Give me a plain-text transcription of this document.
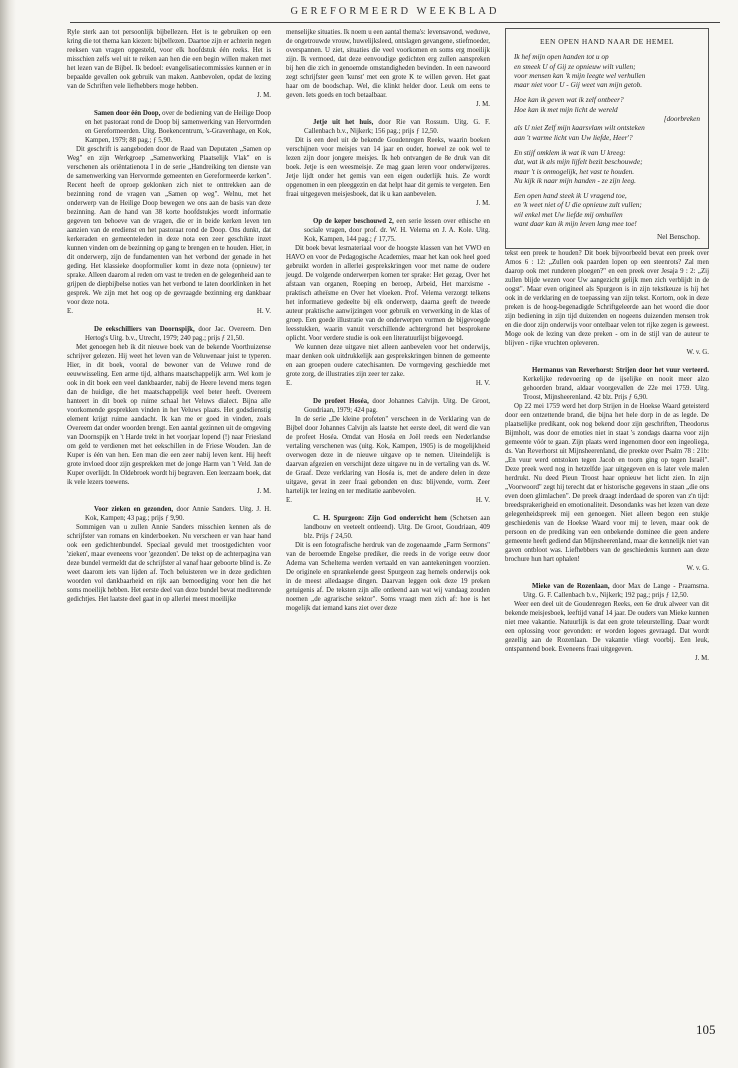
GEREFORMEERD WEEKBLAD

Ryle sterk aan tot persoonlijk bijbellezen. Het is te gebruiken op een kring die tot thema kan kiezen: bijbellezen. Daartoe zijn er achterin negen reeksen van vragen opgesteld, voor elk hoofdstuk één reeks. Het is misschien zelfs wel uit te reiken aan hen die een begin willen maken met het lezen van de Bijbel. Ik bedoel: evangelisatiecommissies kunnen er in bepaalde gevallen ook gebruik van maken. Aanbevolen, opdat de lezing van de Schriften vele liefhebbers moge hebben.

J. M.

Samen door één Doop, over de bediening van de Heilige Doop en het pastoraat rond de Doop bij samenwerking van Hervormden en Gereformeerden. Uitg. Boekencentrum, 's-Gravenhage, en Kok, Kampen, 1979; 88 pag.; ƒ 5,90.

Dit geschrift is aangeboden door de Raad van Deputaten „Samen op Weg" en zijn Werkgroep „Samenwerking Plaatselijk Vlak" en is verschenen als oriëntatienota I in de serie „Handreiking ten dienste van de samenwerking van Hervormde gemeenten en Gereformeerde kerken". Recent heeft de oproep geklonken zich niet te onttrekken aan de bezinning rond de vragen van „Samen op weg". Welnu, met het onderwerp van de Heilige Doop bewegen we ons aan de basis van deze bezinning. Aan de hand van 38 korte hoofdstukjes wordt informatie gegeven ten behoeve van de vragen, die er in beide kerken leven ten aanzien van de eredienst en het pastoraat rond de Doop. Ons dunkt, dat kerkeraden en gemeenteleden in deze nota een zeer geschikte inzet kunnen vinden om de bezinning op gang te brengen en te houden. Hier, in dit onderwerp, zijn de fundamenten van het verbond der genade in het geding. Het klassieke doopformulier komt in deze nota (opnieuw) ter sprake. Alleen daarom al reden om vast te treden en de gelegenheid aan te grijpen de diepbijbelse noties van het verbond te laten doorklinken in het gesprek. We zijn met het oog op de gevraagde bezinning erg dankbaar voor deze nota.

E.	H. V.

De eekschilliers van Doornspijk, door Jac. Overeem. Den Hertog's Uitg. b.v., Utrecht, 1979; 240 pag.; prijs ƒ 21,50.

Met genoegen heb ik dit nieuwe boek van de bekende Voorthuizense schrijver gelezen. Hij weet het leven van de Veluwenaar juist te typeren. Hier, in dit boek, vooral de bewoner van de Veluwe rond de eeuwwisseling. Een arme tijd, althans maatschappelijk arm. Wel kom je ook in dit boek een veel dankbaarder, nabij de Heere levend mens tegen dan de huidige, die het maatschappelijk veel beter heeft. Overeem hanteert in dit boek op ruime schaal het Veluws dialect. Bijna alle voorkomende gesprekken vinden in het Veluws plaats. Het godsdienstig element krijgt ruime aandacht. Ik kan me er goed in vinden, zoals Overeem dat onder woorden brengt. Een aantal gezinnen uit de omgeving van Doornspijk en 't Harde trekt in het voorjaar lopend (!) naar Friesland om geld te verdienen met het eekschillen in de Friese Wouden. Jan de Kuper is één van hen. Een man die een zeer nabij leven kent. Hij heeft grote invloed door zijn gesprekken met de jonge Harm van 't Veld. Jan de Kuper overlijdt. In Oldebroek wordt hij begraven. Een leerzaam boek, dat ik vele lezers toewens.

J. M.

Voor zieken en gezonden, door Annie Sanders. Uitg. J. H. Kok, Kampen; 43 pag.; prijs ƒ 9,90.

Sommigen van u zullen Annie Sanders misschien kennen als de schrijfster van romans en kinderboeken. Nu verscheen er van haar hand ook een gedichtenbundel. Speciaal gevuld met troostgedichten voor 'zieken', maar eveneens voor 'gezonden'. De tekst op de achterpagina van deze bundel vermeldt dat de schrijfster al vanaf haar geboorte blind is. Ze weet daarom iets van lijden af. Toch beluisteren we in deze gedichten woorden vol dankbaarheid en rijk aan bemoediging voor hen die het soms moeilijk hebben. Het eerste deel van deze bundel bevat mediterende gedichtjes. Het laatste deel gaat in op allerlei meest moeilijke

menselijke situaties. Ik noem u een aantal thema's: levensavond, weduwe, de ongetrouwde vrouw, huwelijksleed, ontslagen gevangene, stiefmoeder, overspannen. U ziet, situaties die veel voorkomen en soms erg moeilijk zijn. Ik vermoed, dat deze eenvoudige gedichten erg zullen aanspreken bij hen die zich in genoemde omstandigheden bevinden. In een nawoord zegt schrijfster geen 'kunst' met een grote K te willen geven. Het gaat haar om de boodschap. Wel, die klinkt helder door. Leuk om eens te geven. Iets goeds en toch betaalbaar.

J. M.

Jetje uit het huis, door Rie van Rossum. Uitg. G. F. Callenbach b.v., Nijkerk; 156 pag.; prijs ƒ 12,50.

Dit is een deel uit de bekende Goudenregen Reeks, waarin boeken verschijnen voor meisjes van 14 jaar en ouder, hoewel ze ook wel te lezen zijn door jongere meisjes. Ik heb ontvangen de 8e druk van dit boek. Jetje is een weesmeisje. Ze mag gaan leren voor onderwijzeres. Jetje lijdt onder het gemis van een eigen ouderlijk huis. Ze wordt opgenomen in een pleeggezin en dat helpt haar dit gemis te vergeten. Een fraai uitgegeven meisjesboek, dat ik u kan aanbevelen.

J. M.

Op de keper beschouwd 2, een serie lessen over ethische en sociale vragen, door prof. dr. W. H. Velema en J. A. Kole. Uitg. Kok, Kampen, 144 pag.; ƒ 17,75.

Dit boek bevat lesmateriaal voor de hoogste klassen van het VWO en HAVO en voor de Pedagogische Academies, maar het kan ook heel goed gebruikt worden in allerlei gesprekskringen voor met name de oudere jeugd. De volgende onderwerpen komen ter sprake: Het gezag, Over het afstaan van organen, Roeping en beroep, Arbeid, Het marxisme - praktisch atheïsme en Over het vloeken. Prof. Velema verzorgt telkens het informatieve gedeelte bij elk onderwerp, daarna geeft de tweede auteur praktische aanwijzingen voor gebruik en verwerking in de klas of groep. Een goede illustratie van de onderwerpen vormen de bijgevoegde leesstukken, waarin vanuit verschillende achtergrond het besprokene oplicht. Voor verdere studie is ook een literatuurlijst bijgevoegd.

We kunnen deze uitgave niet alleen aanbevelen voor het onderwijs, maar denken ook uitdrukkelijk aan gesprekskringen binnen de gemeente en aan groepen oudere catechisanten. De vormgeving geschiedde met grote zorg, de illustraties zijn zeer ter zake.

E.	H. V.

De profeet Hoséa, door Johannes Calvijn. Uitg. De Groot, Goudriaan, 1979; 424 pag.

In de serie „De kleine profeten" verscheen in de Verklaring van de Bijbel door Johannes Calvijn als laatste het eerste deel, dit werd die van de profeet Hoséa. Omdat van Hoséa en Joël reeds een Nederlandse vertaling verschenen was (uitg. Kok, Kampen, 1905) is de mogelijkheid overwogen deze in de nieuwe uitgave op te nemen. Uiteindelijk is daarvan afgezien en verschijnt deze uitgave nu in de vertaling van ds. W. de Graaf. Deze verklaring van Hoséa is, met de andere delen in deze uitgave, gevat in zeer fraai gebonden en dus: blijvende, vorm. Zeer hartelijk ter lezing en ter meditatie aanbevolen.

E.	H. V.

C. H. Spurgeon: Zijn God onderricht hem (Schetsen aan landbouw en veeteelt ontleend). Uitg. De Groot, Goudriaan, 409 blz. Prijs ƒ 24,50.

Dit is een fotografische herdruk van de zogenaamde „Farm Sermons" van de beroemde Engelse prediker, die reeds in de vorige eeuw door Adema van Scheltema werden vertaald en van aantekeningen voorzien. De originele en sprankelende geest Spurgeon zag hemels onderwijs ook in de meest alledaagse dingen. Daarvan leggen ook deze 19 preken getuigenis af. De teksten zijn alle ontleend aan wat wij vandaag zouden noemen „de agrarische sektor". Soms vraagt men zich af: hoe is het mogelijk dat iemand kans ziet over deze

EEN OPEN HAND NAAR DE HEMEL
Ik hef mijn open handen tot u op
en smeek U of Gij ze opnieuw wilt vullen;
voor mensen kan 'k mijn leegte wel verhullen
maar niet voor U - Gij weet van mijn getob.
Hoe kan ik geven wat ik zelf ontbeer?
Hoe kan ik met mijn licht de wereld
[doorbreken
als U niet Zelf mijn kaarsvlam wilt ontsteken
aan 't warme licht van Uw liefde, Heer'?
En stijf omklem ik wat ik van U kreeg:
dat, wat ik als mijn lijfelt bezit beschouwde;
maar 't is onmogelijk, het vast te houden.
Nu kijk ik naar mijn handen - ze zijn leeg.
Een open hand steek ik U vragend toe,
en 'k weet niet of U die opnieuw zult vullen;
wil enkel met Uw liefde mij omhullen
want daar kan ik mijn leven lang mee toe!
Nel Benschop.

tekst een preek te houden? Dit boek bijvoorbeeld bevat een preek over Amos 6 : 12: „Zullen ook paarden lopen op een steenrots? Zal men daarop ook met runderen ploegen?" en een preek over Jesaja 9 : 2: „Zij zullen blijde wezen voor Uw aangezicht gelijk men zich verblijdt in de oogst". Maar even origineel als Spurgeon is in zijn tekstkeuze is hij het ook in de verklaring en de toepassing van zijn tekst. Kortom, ook in deze preken is de hoog-begenadigde Schriftgeleerde aan het woord die door zijn bediening in zijn tijd duizenden en nogeens duizenden mensen trok en die door zijn onderwijs voor ontelbaar velen tot rijke zegen is geweest. Moge ook de lezing van deze preken - om in de stijl van de auteur te blijven - rijke vruchten opleveren.

W. v. G.

Hermanus van Reverhorst: Strijen door het vuur verteerd. Kerkelijke redevoering op de ijselijke en nooit meer alzo gehoorden brand, aldaar voorgevallen de 22e mei 1759. Uitg. Troost, Mijnsheerenland. 42 blz. Prijs ƒ 6,90.

Op 22 mei 1759 werd het dorp Strijen in de Hoekse Waard geteisterd door een ontzettende brand, die bijna het hele dorp in de as legde. De plaatselijke predikant, ook nog bekend door zijn geschriften, Theodorus Bijmholt, was door de emoties niet in staat 's zondags daarna voor zijn gemeente vóór te gaan. Zijn plaats werd ingenomen door een ingeoliega, ds. Van Reverhorst uit Mijnsheerenland, die preekte over Psalm 78 : 21b: „En vuur werd ontstoken tegen Jacob en toorn ging op tegen Israël". Deze preek werd nog in hetzelfde jaar uitgegeven en is later vele malen herdrukt. Nu deed Pieun Troost haar opnieuw het licht zien. In zijn „Voorwoord" zegt hij terecht dat er historische gegevens in staan „die ons even doen glimlachen". De preek draagt inderdaad de sporen van z'n tijd: breedsprakerigheid en emotionaliteit. Desondanks was het lezen van deze gelegenheidspreek mij een genoegen. Niet alleen begon een stukje geschiedenis van de Hoekse Waard voor mij te leven, maar ook de persoon en de prediking van een onbekende dominee die geen andere gemeente heeft gediend dan Mijnsheerenland, maar die kennelijk niet van gaven ontbloot was. Liefhebbers van de geschiedenis kunnen aan deze brochure hun hart ophalen!

W. v. G.

Mieke van de Rozenlaan, door Max de Lange - Praamsma. Uitg. G. F. Callenbach b.v., Nijkerk; 192 pag.; prijs ƒ 12,50.

Weer een deel uit de Goudenregen Reeks, een 6e druk alweer van dit bekende meisjesboek, leeftijd vanaf 14 jaar. De ouders van Mieke kunnen niet mee vakantie. Natuurlijk is dat een grote teleurstelling. Daar wordt een oplossing voor gevonden: er worden logees gevraagd. Dat wordt gezellig aan de Rozenlaan. De vakantie vliegt voorbij. Een leuk, ontspannend boek. Eveneens fraai uitgegeven.

J. M.
105
